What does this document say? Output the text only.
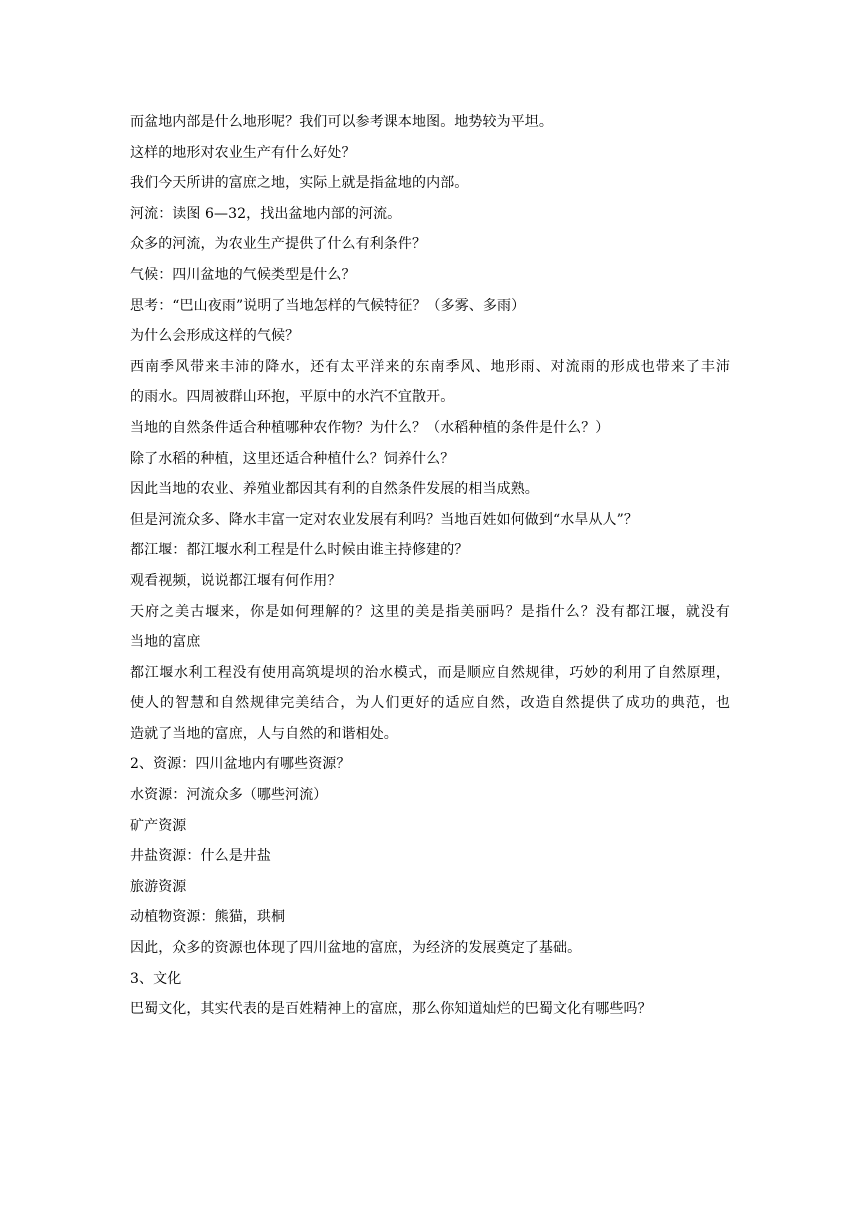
而盆地内部是什么地形呢？我们可以参考课本地图。地势较为平坦。
这样的地形对农业生产有什么好处？
我们今天所讲的富庶之地，实际上就是指盆地的内部。
河流：读图 6—32，找出盆地内部的河流。
众多的河流，为农业生产提供了什么有利条件？
气候：四川盆地的气候类型是什么？
思考：“巴山夜雨”说明了当地怎样的气候特征？（多雾、多雨）
为什么会形成这样的气候？
西南季风带来丰沛的降水，还有太平洋来的东南季风、地形雨、对流雨的形成也带来了丰沛
的雨水。四周被群山环抱，平原中的水汽不宜散开。
当地的自然条件适合种植哪种农作物？为什么？（水稻种植的条件是什么？）
除了水稻的种植，这里还适合种植什么？饲养什么？
因此当地的农业、养殖业都因其有利的自然条件发展的相当成熟。
但是河流众多、降水丰富一定对农业发展有利吗？当地百姓如何做到“水旱从人”？
都江堰：都江堰水利工程是什么时候由谁主持修建的？
观看视频，说说都江堰有何作用？
天府之美古堰来，你是如何理解的？这里的美是指美丽吗？是指什么？没有都江堰，就没有
当地的富庶
都江堰水利工程没有使用高筑堤坝的治水模式，而是顺应自然规律，巧妙的利用了自然原理，
使人的智慧和自然规律完美结合，为人们更好的适应自然，改造自然提供了成功的典范，也
造就了当地的富庶，人与自然的和谐相处。
2、资源：四川盆地内有哪些资源？
水资源：河流众多（哪些河流）
矿产资源
井盐资源：什么是井盐
旅游资源
动植物资源：熊猫，珙桐
因此，众多的资源也体现了四川盆地的富庶，为经济的发展奠定了基础。
3、文化
巴蜀文化，其实代表的是百姓精神上的富庶，那么你知道灿烂的巴蜀文化有哪些吗？
